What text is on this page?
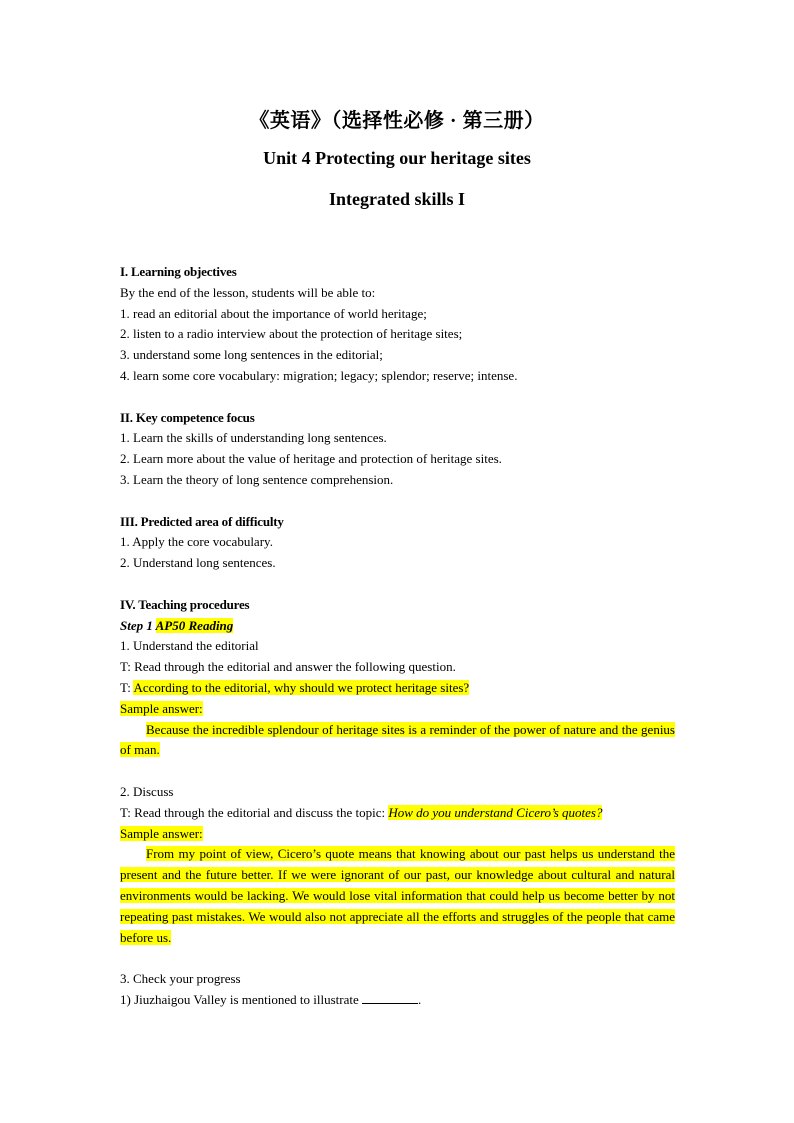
《英语》（选择性必修 · 第三册）
Unit 4 Protecting our heritage sites
Integrated skills I
I. Learning objectives
By the end of the lesson, students will be able to:
1. read an editorial about the importance of world heritage;
2. listen to a radio interview about the protection of heritage sites;
3. understand some long sentences in the editorial;
4. learn some core vocabulary: migration; legacy; splendor; reserve; intense.
II. Key competence focus
1. Learn the skills of understanding long sentences.
2. Learn more about the value of heritage and protection of heritage sites.
3. Learn the theory of long sentence comprehension.
III. Predicted area of difficulty
1. Apply the core vocabulary.
2. Understand long sentences.
IV. Teaching procedures
Step 1 AP50 Reading
1. Understand the editorial
T: Read through the editorial and answer the following question.
T: According to the editorial, why should we protect heritage sites?
Sample answer:
Because the incredible splendour of heritage sites is a reminder of the power of nature and the genius of man.
2. Discuss
T: Read through the editorial and discuss the topic: How do you understand Cicero’s quotes?
Sample answer:
From my point of view, Cicero’s quote means that knowing about our past helps us understand the present and the future better. If we were ignorant of our past, our knowledge about cultural and natural environments would be lacking. We would lose vital information that could help us become better by not repeating past mistakes. We would also not appreciate all the efforts and struggles of the people that came before us.
3. Check your progress
1) Jiuzhaigou Valley is mentioned to illustrate	.
